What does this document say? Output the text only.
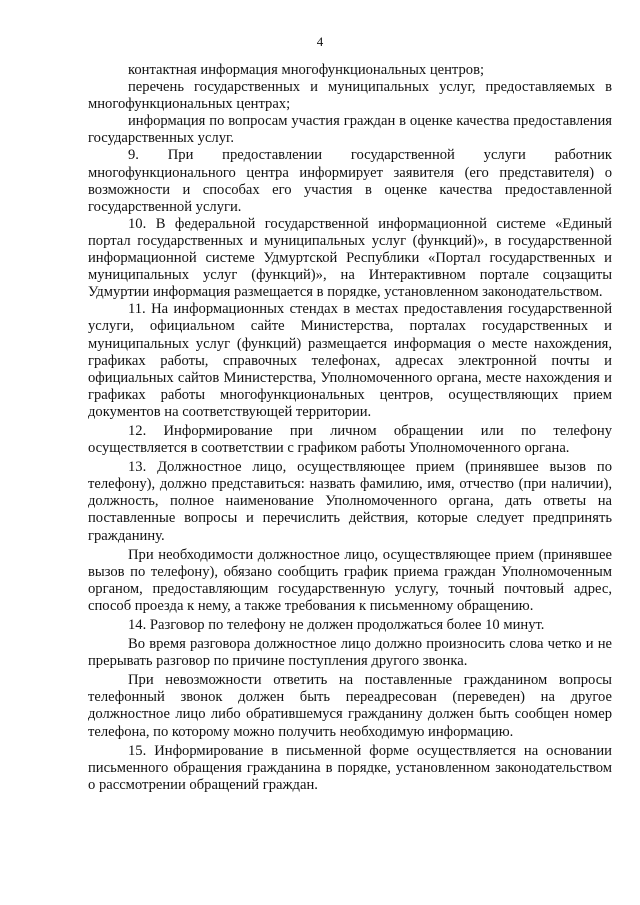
4

контактная информация многофункциональных центров;

перечень государственных и муниципальных услуг, предоставляемых в многофункциональных центрах;

информация по вопросам участия граждан в оценке качества предоставления государственных услуг.

9. При предоставлении государственной услуги работник многофункционального центра информирует заявителя (его представителя) о возможности и способах его участия в оценке качества предоставленной государственной услуги.

10. В федеральной государственной информационной системе «Единый портал государственных и муниципальных услуг (функций)», в государственной информационной системе Удмуртской Республики «Портал государственных и муниципальных услуг (функций)», на Интерактивном портале соцзащиты Удмуртии информация размещается в порядке, установленном законодательством.

11. На информационных стендах в местах предоставления государственной услуги, официальном сайте Министерства, порталах государственных и муниципальных услуг (функций) размещается информация о месте нахождения, графиках работы, справочных телефонах, адресах электронной почты и официальных сайтов Министерства, Уполномоченного органа, месте нахождения и графиках работы многофункциональных центров, осуществляющих прием документов на соответствующей территории.

12. Информирование при личном обращении или по телефону осуществляется в соответствии с графиком работы Уполномоченного органа.

13. Должностное лицо, осуществляющее прием (принявшее вызов по телефону), должно представиться: назвать фамилию, имя, отчество (при наличии), должность, полное наименование Уполномоченного органа, дать ответы на поставленные вопросы и перечислить действия, которые следует предпринять гражданину.

При необходимости должностное лицо, осуществляющее прием (принявшее вызов по телефону), обязано сообщить график приема граждан Уполномоченным органом, предоставляющим государственную услугу, точный почтовый адрес, способ проезда к нему, а также требования к письменному обращению.

14. Разговор по телефону не должен продолжаться более 10 минут.

Во время разговора должностное лицо должно произносить слова четко и не прерывать разговор по причине поступления другого звонка.

При невозможности ответить на поставленные гражданином вопросы телефонный звонок должен быть переадресован (переведен) на другое должностное лицо либо обратившемуся гражданину должен быть сообщен номер телефона, по которому можно получить необходимую информацию.

15. Информирование в письменной форме осуществляется на основании письменного обращения гражданина в порядке, установленном законодательством о рассмотрении обращений граждан.
